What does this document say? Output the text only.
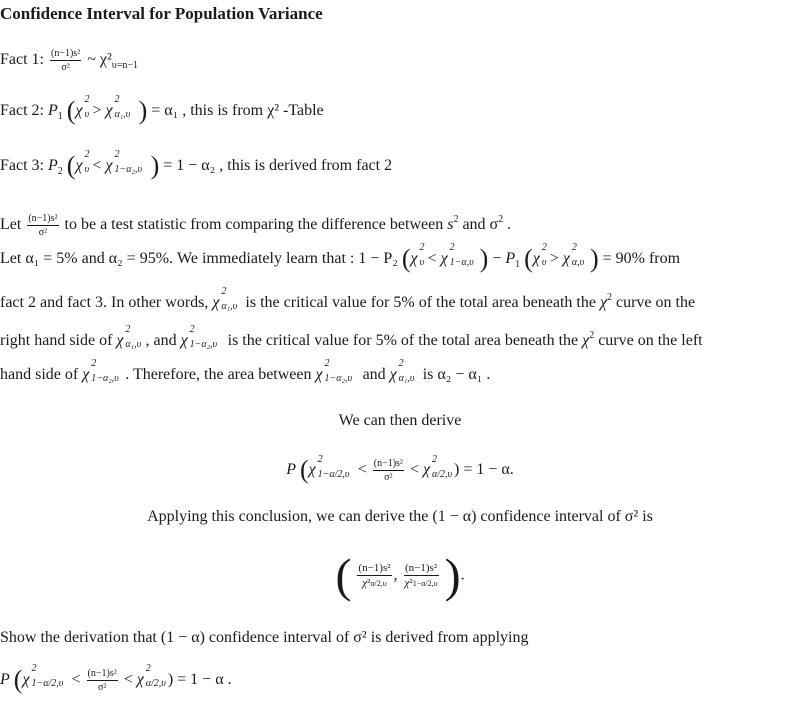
Confidence Interval for Population Variance
Fact 1: $\frac{\text{(n−1)s²}}{\text{σ²}}$ ~ $\chi^2_{\upsilon=n-1}$
Fact 2: $P_1$ (χ
2
υ > χ
2
α₁,υ ) = α₁ , this is from χ² -Table
Fact 3: $P_2$ (χ
2
υ < χ
2
1−α₂,υ ) = 1 − α₂ , this is derived from fact 2
Let $\frac{\text{(n−1)s²}}{\text{σ²}}$ to be a test statistic from comparing the difference between $s^2$ and $\sigma^2$ .
Let α₁ = 5% and α₂ = 95%. We immediately learn that : 1 − P₂ (χ
2
υ < χ
2
1−α,υ ) − $P_1$ (χ
2
υ > χ
2
α,υ ) = 90% from
fact 2 and fact 3. In other words, χ
2
α₁,υ is the critical value for 5% of the total area beneath the $\chi^2$ curve on the
right hand side of χ
2
α₁,υ , and χ
2
1−α₂,υ is the critical value for 5% of the total area beneath the $\chi^2$ curve on the left
hand side of χ
2
1−α₂,υ . Therefore, the area between χ
2
1−α₂,υ and χ
2
α₁,υ is α₂ − α₁ .
We can then derive
P (χ
2
$1-\alpha/2,\upsilon < \frac{\text{(n−1)s²}}{\text{σ²}} < \chi$
2
α/2,υ ) = 1 − α.
Applying this conclusion, we can derive the (1 − α) confidence interval of σ² is
( $\frac{\text{(n−1)s²}}{\text{χ²α/2,υ}}$ , $\frac{\text{(n−1)s²}}{\text{χ²1−α/2,υ}}$ ).
Show the derivation that (1 − α) confidence interval of σ² is derived from applying
P (χ
2
$1-\alpha/2,\upsilon < \frac{\text{(n−1)s²}}{\text{σ²}} < \chi$
2
α/2,υ ) = 1 − α .
